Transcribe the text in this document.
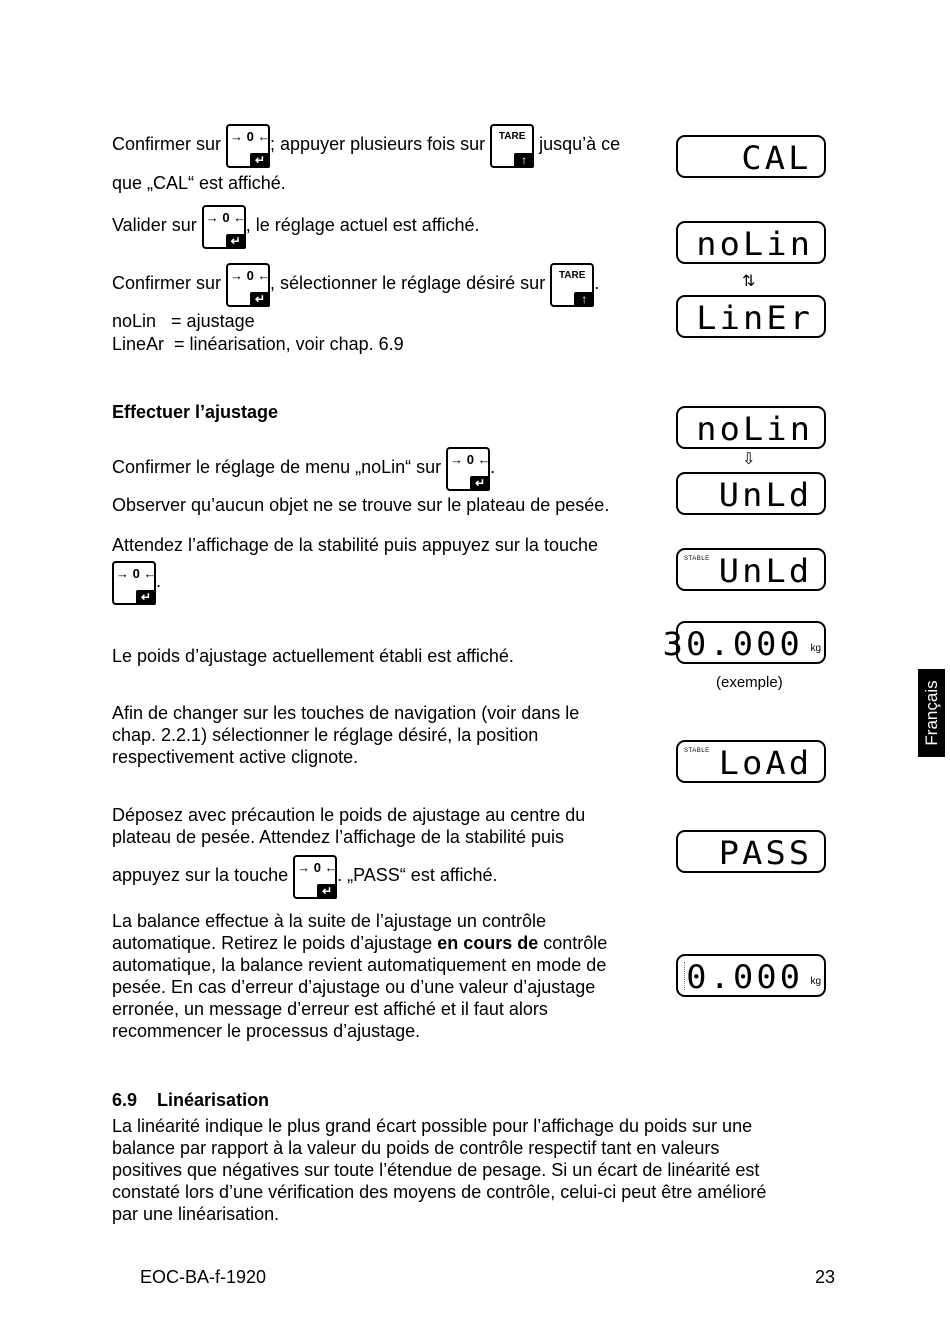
Confirmer sur → 0 ←
↵
; appuyer plusieurs fois sur TARE
↑
jusqu’à ce
que „CAL“ est affiché.
Valider sur → 0 ←
↵
, le réglage actuel est affiché.
Confirmer sur → 0 ←
↵
, sélectionner le réglage désiré sur TARE
↑
.
noLin   = ajustage
LineAr  = linéarisation, voir chap. 6.9
Effectuer l’ajustage
Confirmer le réglage de menu „noLin“ sur → 0 ←
↵
.
Observer qu’aucun objet ne se trouve sur le plateau de pesée.
Attendez l’affichage de la stabilité puis appuyez sur la touche
→ 0 ←
↵
.
Le poids d’ajustage actuellement établi est affiché.
Afin de changer sur les touches de navigation (voir dans le
chap. 2.2.1) sélectionner le réglage désiré, la position
respectivement active clignote.
Déposez avec précaution le poids de ajustage au centre du
plateau de pesée. Attendez l’affichage de la stabilité puis
appuyez sur la touche → 0 ←
↵
. „PASS“ est affiché.
La balance effectue à la suite de l’ajustage un contrôle
automatique. Retirez le poids d’ajustage en cours de contrôle
automatique, la balance revient automatiquement en mode de
pesée. En cas d’erreur d’ajustage ou d’une valeur d’ajustage
erronée, un message d’erreur est affiché et il faut alors
recommencer le processus d’ajustage.
6.9 Linéarisation
La linéarité indique le plus grand écart possible pour l’affichage du poids sur une
balance par rapport à la valeur du poids de contrôle respectif tant en valeurs
positives que négatives sur toute l’étendue de pesage. Si un écart de linéarité est
constaté lors d’une vérification des moyens de contrôle, celui-ci peut être amélioré
par une linéarisation.
CAL
noLin
⇅
LinEr
noLin
⇩
UnLd
STABLE UnLd
30.000 kg
(exemple)
STABLE LoAd
PASS
0.000 kg
Français
EOC-BA-f-1920	23
